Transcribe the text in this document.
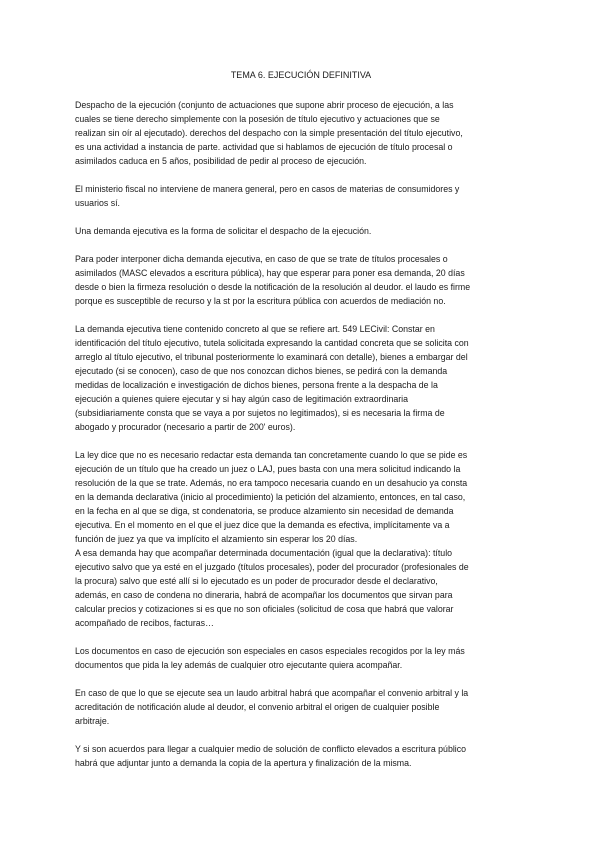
TEMA 6. EJECUCIÓN DEFINITIVA
Despacho de la ejecución (conjunto de actuaciones que supone abrir proceso de ejecución, a las
cuales se tiene derecho simplemente con la posesión de título ejecutivo y actuaciones que se
realizan sin oír al ejecutado). derechos del despacho con la simple presentación del título ejecutivo,
es una actividad a instancia de parte. actividad que si hablamos de ejecución de título procesal o
asimilados caduca en 5 años, posibilidad de pedir al proceso de ejecución.
El ministerio fiscal no interviene de manera general, pero en casos de materias de consumidores y
usuarios sí.
Una demanda ejecutiva es la forma de solicitar el despacho de la ejecución.
Para poder interponer dicha demanda ejecutiva, en caso de que se trate de títulos procesales o
asimilados (MASC elevados a escritura pública), hay que esperar para poner esa demanda, 20 días
desde o bien la firmeza resolución o desde la notificación de la resolución al deudor. el laudo es firme
porque es susceptible de recurso y la st por la escritura pública con acuerdos de mediación no.
La demanda ejecutiva tiene contenido concreto al que se refiere art. 549 LECivil: Constar en
identificación del título ejecutivo, tutela solicitada expresando la cantidad concreta que se solicita con
arreglo al título ejecutivo, el tribunal posteriormente lo examinará con detalle), bienes a embargar del
ejecutado (si se conocen), caso de que nos conozcan dichos bienes, se pedirá con la demanda
medidas de localización e investigación de dichos bienes, persona frente a la despacha de la
ejecución a quienes quiere ejecutar y si hay algún caso de legitimación extraordinaria
(subsidiariamente consta que se vaya a por sujetos no legitimados), si es necesaria la firma de
abogado y procurador (necesario a partir de 200' euros).
La ley dice que no es necesario redactar esta demanda tan concretamente cuando lo que se pide es
ejecución de un título que ha creado un juez o LAJ, pues basta con una mera solicitud indicando la
resolución de la que se trate. Además, no era tampoco necesaria cuando en un desahucio ya consta
en la demanda declarativa (inicio al procedimiento) la petición del alzamiento, entonces, en tal caso,
en la fecha en al que se diga, st condenatoria, se produce alzamiento sin necesidad de demanda
ejecutiva. En el momento en el que el juez dice que la demanda es efectiva, implícitamente va a
función de juez ya que va implícito el alzamiento sin esperar los 20 días.
A esa demanda hay que acompañar determinada documentación (igual que la declarativa): título
ejecutivo salvo que ya esté en el juzgado (títulos procesales), poder del procurador (profesionales de
la procura) salvo que esté allí si lo ejecutado es un poder de procurador desde el declarativo,
además, en caso de condena no dineraria, habrá de acompañar los documentos que sirvan para
calcular precios y cotizaciones si es que no son oficiales (solicitud de cosa que habrá que valorar
acompañado de recibos, facturas…
Los documentos en caso de ejecución son especiales en casos especiales recogidos por la ley más
documentos que pida la ley además de cualquier otro ejecutante quiera acompañar.
En caso de que lo que se ejecute sea un laudo arbitral habrá que acompañar el convenio arbitral y la
acreditación de notificación alude al deudor, el convenio arbitral el origen de cualquier posible
arbitraje.
Y si son acuerdos para llegar a cualquier medio de solución de conflicto elevados a escritura público
habrá que adjuntar junto a demanda la copia de la apertura y finalización de la misma.
